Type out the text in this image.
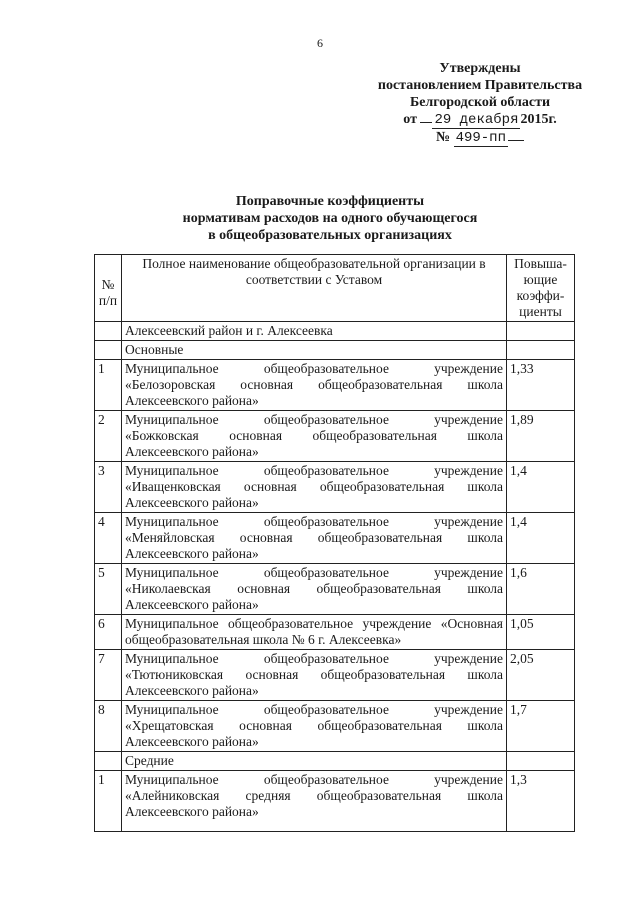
6
Утверждены
постановлением Правительства
Белгородской области
от 29 декабря 2015г.
№ 499-пп
Поправочные коэффициенты
нормативам расходов на одного обучающегося
в общеобразовательных организациях
№ п/п	Полное наименование общеобразовательной организации в соответствии с Уставом	Повыша-ющие коэффи-циенты
	Алексеевский район и г. Алексеевка	
	Основные	
1	Муниципальное общеобразовательное учреждение
«Белозоровская основная общеобразовательная школа
Алексеевского района»	1,33
2	Муниципальное общеобразовательное учреждение
«Божковская основная общеобразовательная школа
Алексеевского района»	1,89
3	Муниципальное общеобразовательное учреждение
«Иващенковская основная общеобразовательная школа
Алексеевского района»	1,4
4	Муниципальное общеобразовательное учреждение
«Меняйловская основная общеобразовательная школа
Алексеевского района»	1,4
5	Муниципальное общеобразовательное учреждение
«Николаевская основная общеобразовательная школа
Алексеевского района»	1,6
6	Муниципальное общеобразовательное учреждение «Основная
общеобразовательная школа № 6 г. Алексеевка»	1,05
7	Муниципальное общеобразовательное учреждение
«Тютюниковская основная общеобразовательная школа
Алексеевского района»	2,05
8	Муниципальное общеобразовательное учреждение
«Хрещатовская основная общеобразовательная школа
Алексеевского района»	1,7
	Средние	
1	Муниципальное общеобразовательное учреждение
«Алейниковская средняя общеобразовательная школа
Алексеевского района»	1,3
